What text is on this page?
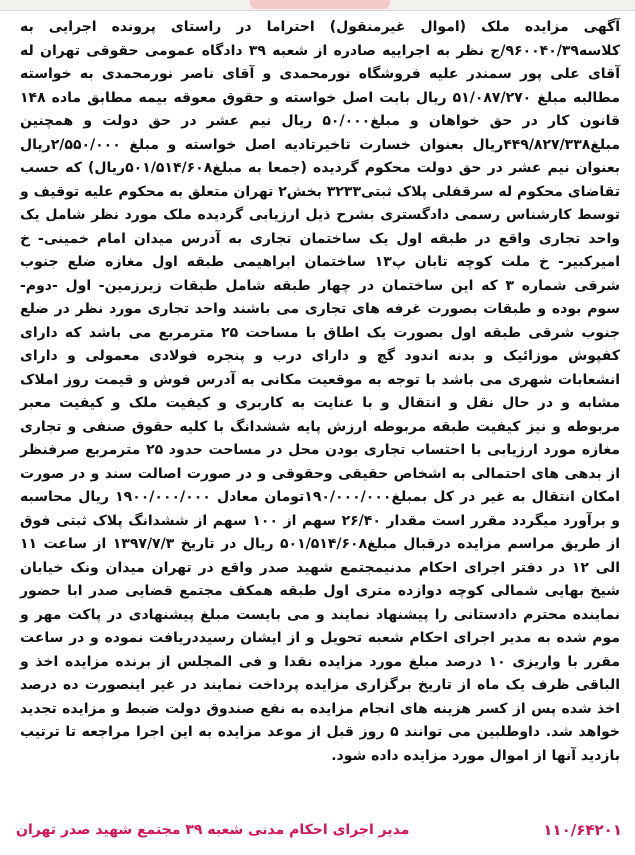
آگهی مزایده ملک (اموال غیرمنقول) احتراما در راستای پرونده اجرایی به کلاسه۹۶۰۰۴۰/۳۹/ج نظر به اجراییه صادره از شعبه ۳۹ دادگاه عمومی حقوقی تهران له آقای علی پور سمندر علیه فروشگاه نورمحمدی و آقای ناصر نورمحمدی به خواسته مطالبه مبلغ ۵۱/۰۸۷/۲۷۰ ریال بابت اصل خواسته و حقوق معوقه بیمه مطابق ماده ۱۴۸ قانون کار در حق خواهان و مبلغ۵۰/۰۰۰ ریال نیم عشر در حق دولت و همچنین مبلغ۴۴۹/۸۲۷/۳۳۸ریال بعنوان خسارت تاخیرتادیه اصل خواسته و مبلغ ۲/۵۵۰/۰۰۰ریال بعنوان نیم عشر در حق دولت محکوم گردیده (جمعا به مبلغ۵۰۱/۵۱۴/۶۰۸ریال) که حسب تقاضای محکوم له سرقفلی پلاک ثبتی۳۲۳۳ بخش۲ تهران متعلق به محکوم علیه توقیف و توسط کارشناس رسمی دادگستری بشرح ذیل ارزیابی گردیده ملک مورد نظر شامل یک واحد تجاری واقع در طبقه اول یک ساختمان تجاری به آدرس میدان امام خمینی- خ امیرکبیر- خ ملت کوچه تابان پ۱۳ ساختمان ابراهیمی طبقه اول مغازه ضلع جنوب شرقی شماره ۳ که این ساختمان در چهار طبقه شامل طبقات زیرزمین- اول -دوم- سوم بوده و طبقات بصورت غرفه های تجاری می باشند واحد تجاری مورد نظر در ضلع جنوب شرقی طبقه اول بصورت یک اطاق با مساحت ۲۵ مترمربع می باشد که دارای کفپوش موزائیک و بدنه اندود گچ و دارای درب و پنجره فولادی معمولی و دارای انشعابات شهری می باشد با توجه به موقعیت مکانی به آدرس فوش و قیمت روز املاک مشابه و در حال نقل و انتقال و با عنایت به کاربری و کیفیت ملک و کیفیت معبر مربوطه و نیز کیفیت طبقه مربوطه ارزش پایه ششدانگ با کلیه حقوق صنفی و تجاری مغازه مورد ارزیابی با احتساب تجاری بودن محل در مساحت حدود ۲۵ مترمربع صرفنظر از بدهی های احتمالی به اشخاص حقیقی وحقوقی و در صورت اصالت سند و در صورت امکان انتقال به غیر در کل بمبلغ۱۹۰/۰۰۰/۰۰۰تومان معادل ۱۹۰۰/۰۰۰/۰۰۰ ریال محاسبه و برآورد میگردد مقرر است مقدار ۲۶/۴۰ سهم از ۱۰۰ سهم از ششدانگ پلاک ثبتی فوق از طریق مراسم مزایده درقبال مبلغ۵۰۱/۵۱۴/۶۰۸ ریال در تاریخ ۱۳۹۷/۷/۳ از ساعت ۱۱ الی ۱۲ در دفتر اجرای احکام مدنیمجتمع شهید صدر واقع در تهران میدان ونک خیابان شیخ بهایی شمالی کوچه دوازده متری اول طبقه همکف مجتمع قضایی صدر ابا حضور نماینده محترم دادستانی را پیشنهاد نمایند و می بایست مبلغ پیشنهادی در پاکت مهر و موم شده به مدیر اجرای احکام شعبه تحویل و از ایشان رسیددریافت نموده و در ساعت مقرر با واریزی ۱۰ درصد مبلغ مورد مزایده نقدا و فی المجلس از برنده مزایده اخذ و الباقی ظرف یک ماه از تاریخ برگزاری مزایده پرداخت نمایند در غیر اینصورت ده درصد اخذ شده پس از کسر هزینه های انجام مزایده به نفع صندوق دولت ضبط و مزایده تجدید خواهد شد. داوطلبین می توانند ۵ روز قبل از موعد مزایده به این اجرا مراجعه تا ترتیب بازدید آنها از اموال مورد مزایده داده شود.

مدیر اجرای احکام مدنی شعبه ۳۹ مجتمع شهید صدر تهران	۱۱۰/۶۴۲۰۱
